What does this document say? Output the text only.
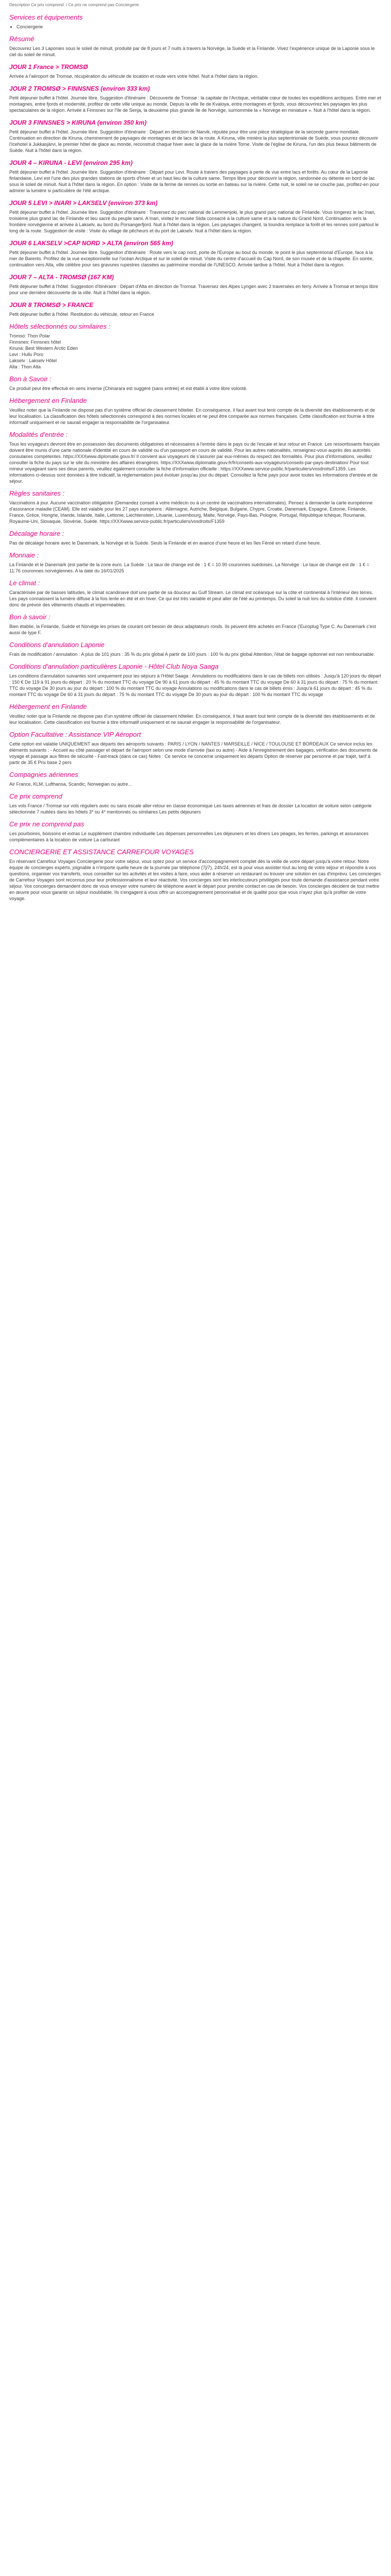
Description Ce prix comprend  / Ce prix ne comprend pas Conciergerie
Services et équipements
• Conciergerie
Résumé

Découvrez Les 3 Laponies sous le soleil de minuit, produité par de 8 jours et 7 nuits à travers la Norvège, la Suède et la Finlande. Vivez l'expérience unique de la Laponie sous le ciel du soleil de minuit.

JOUR 1 France > TROMSØ

Arrivée à l'aéroport de Tromsø, récupération du véhicule de location et route vers votre hôtel. Nuit à l'hôtel dans la région.

JOUR 2 TROMSØ > FINNSNES (environ 333 km)

Petit déjeuner buffet à l'hôtel. Journée libre. Suggestion d'itinéraire : Découverte de Tromsø : la capitale de l'Arctique, véritable cœur de toutes les expéditions arctiques. Entre mer et montagnes, entre fjords et modernité, profitez de cette ville unique au monde. Depuis la ville île de Kvaloya, entre montagnes et fjords, vous découvrirez les paysages les plus spectaculaires de la région. Arrivée à Finnsnes sur l'île de Senja, la deuxième plus grande île de Norvège, surnommée la « Norvège en miniature ». Nuit à l'hôtel dans la région.

JOUR 3 FINNSNES > KIRUNA (environ 350 km)

Petit déjeuner buffet à l'hôtel. Journée libre. Suggestion d'itinéraire : Départ en direction de Narvik, réputée pour être une pièce stratégique de la seconde guerre mondiale. Continuation en direction de Kiruna, cheminement de paysages de montagnes et de lacs de la route. A Kiruna, ville minière la plus septentrionale de Suède, vous pourrez découvrir l'Icehotel à Jukkasjärvi, le premier hôtel de glace au monde, reconstruit chaque hiver avec la glace de la rivière Torne. Visite de l'église de Kiruna, l'un des plus beaux bâtiments de Suède. Nuit à l'hôtel dans la région.

JOUR 4 – KIRUNA - LEVI (environ 295 km)

Petit déjeuner buffet à l'hôtel. Journée libre. Suggestion d'itinéraire : Départ pour Levi. Route à travers des paysages à perte de vue entre lacs et forêts. Au cœur de la Laponie finlandaise, Levi est l'une des plus grandes stations de sports d'hiver et un haut lieu de la culture same. Temps libre pour découvrir la région, randonnée ou détente en bord de lac sous le soleil de minuit. Nuit à l'hôtel dans la région. En option : Visite de la ferme de rennes ou sortie en bateau sur la rivière. Cette nuit, le soleil ne se couche pas, profitez-en pour admirer la lumière si particulière de l'été arctique.

JOUR 5 LEVI > INARI > LAKSELV (environ 373 km)

Petit déjeuner buffet à l'hôtel. Journée libre. Suggestion d'itinéraire : Traversez du parc national de Lemmenjoki, le plus grand parc national de Finlande. Vous longerez le lac Inari, troisième plus grand lac de Finlande et lieu sacré du peuple sami. A Inari, visitez le musée Siida consacré à la culture same et à la nature du Grand Nord. Continuation vers la frontière norvégienne et arrivée à Lakselv, au bord du Porsangerfjord. Nuit à l'hôtel dans la région. Les paysages changent, la toundra remplace la forêt et les rennes sont partout le long de la route. Suggestion de visite : Visite du village de pêcheurs et du port de Lakselv. Nuit à l'hôtel dans la région.

JOUR 6 LAKSELV >CAP NORD > ALTA (environ 565 km)

Petit déjeuner buffet à l'hôtel. Journée libre. Suggestion d'itinéraire : Route vers le cap nord, porte de l'Europe au bout du monde, le point le plus septentrional d'Europe, face à la mer de Barents. Profitez de la vue exceptionnelle sur l'océan Arctique et sur le soleil de minuit. Visite du centre d'accueil du Cap Nord, de son musée et de la chapelle. En soirée, continuation vers Alta, ville célèbre pour ses gravures rupestres classées au patrimoine mondial de l'UNESCO. Arrivée tardive à l'hôtel. Nuit à l'hôtel dans la région.

JOUR 7 – ALTA - TROMSØ (167 KM)

Petit déjeuner buffet à l'hôtel. Suggestion d'itinéraire : Départ d'Alta en direction de Tromsø. Traversez des Alpes Lyngen avec 2 traversées en ferry. Arrivée à Tromsø et temps libre pour une dernière découverte de la ville. Nuit à l'hôtel dans la région.

JOUR 8 TROMSØ > FRANCE

Petit déjeuner buffet à l'hôtel. Restitution du véhicule, retour en France

Hôtels sélectionnés ou similaires :
Tromso: Thon Polar
Finnsnes: Finnsnes hôtel
Kiruna: Best Western Arctic Eden
Levi : Hullu Poro
Lakselv : Lakselv Hôtel
Alta : Thon Alta
Bon à Savoir :

Ce produit peut être effectué en sens inverse (Chinarara est suggéré (sans entrée) et est établi à votre libre volonté.

Hébergement en Finlande

Veuillez noter que la Finlande ne dispose pas d'un système officiel de classement hôtelier. En conséquence, il faut avant tout tenir compte de la diversité des établissements et de leur localisation. La classification des hôtels sélectionnés correspond à des normes locales et ne peut être comparée aux normes françaises. Cette classification est fournie à titre informatif uniquement et ne saurait engager la responsabilité de l'organisateur.

Modalités d'entrée :

Tous les voyageurs devront être en possession des documents obligatoires et nécessaires à l'entrée dans le pays ou de l'escale et leur retour en France. Les ressortissants français doivent être munis d'une carte nationale d'identité en cours de validité ou d'un passeport en cours de validité. Pour les autres nationalités, renseignez-vous auprès des autorités consulaires compétentes. https://XXXwww.diplomatie.gouv.fr/ Il convient aux voyageurs de s'assurer par eux-mêmes du respect des formalités. Pour plus d'informations, veuillez consulter la fiche du pays sur le site du ministère des affaires étrangères. https://XXXwww.diplomatie.gouv.fr/fr/conseils-aux-voyageurs/conseils-par-pays-destination/ Pour tout mineur voyageant sans ses deux parents, veuillez également consulter la fiche d'information officielle : https://XXXwww.service-public.fr/particuliers/vosdroits/F1359. Les informations ci-dessus sont données à titre indicatif, la réglementation peut évoluer jusqu'au jour du départ. Consultez la fiche pays pour avoir toutes les informations d'entrée et de séjour.

Règles sanitaires :

Vaccinations à jour. Aucune vaccination obligatoire (Demandez conseil à votre médecin ou à un centre de vaccinations internationales). Pensez à demander la carte européenne d'assurance maladie (CEAM). Elle est valable pour les 27 pays européens : Allemagne, Autriche, Belgique, Bulgarie, Chypre, Croatie, Danemark, Espagne, Estonie, Finlande, France, Grèce, Hongrie, Irlande, Islande, Italie, Lettonie, Liechtenstein, Lituanie, Luxembourg, Malte, Norvège, Pays-Bas, Pologne, Portugal, République tchèque, Roumanie, Royaume-Uni, Slovaquie, Slovénie, Suède. https://XXXwww.service-public.fr/particuliers/vosdroits/F1359

Décalage horaire :

Pas de décalage horaire avec le Danemark, la Norvège et la Suède. Seuls la Finlande et en avance d'une heure et les îles Féroé en retard d'une heure.

Monnaie :

La Finlande et le Danemark (est partie de la zone euro. La Suède : Le taux de change est de : 1 € = 10.90 couronnes suédoises. La Norvège : Le taux de change est de : 1 € = 11.76 couronnes norvégiennes. A la date du 16/01/2025

Le climat :

Caractérisée par de basses latitudes, le climat scandinave doit une partie de sa douceur au Gulf Stream. Le climat est océanique sur la côte et continental à l'intérieur des terres. Les pays connaissent la lumière diffuse à la fois lente en été et en hiver. Ce qui est très variable et peut aller de l'été au printemps. Du soleil la nuit lors du solstice d'été. Il convient donc de prévoir des vêtements chauds et imperméables.

Bon à savoir :

Bien établie, la Finlande, Suède et Norvège les prises de courant ont besoin de deux adaptateurs ronds. Ils peuvent être achetés en France ('Europlug Type C. Au Danemark c'est aussi de type F.

Conditions d'annulation Laponie

Frais de modification / annulation : A plus de 101 jours : 35 % du prix global A partir de 100 jours : 100 % du prix global Attention, l'état de bagage optionnel est non remboursable.

Conditions d'annulation particulières Laponie - Hôtel Club Noya Saaga

Les conditions d'annulation suivantes sont uniquement pour les séjours à l'Hôtel Saaga : Annulations ou modifications dans le cas de billets non utilisés : Jusqu'à 120 jours du départ : 150 € De 119 à 91 jours du départ : 20 % du montant TTC du voyage De 90 à 61 jours du départ : 45 % du montant TTC du voyage De 60 à 31 jours du départ : 75 % du montant TTC du voyage De 30 jours au jour du départ : 100 % du montant TTC du voyage Annulations ou modifications dans le cas de billets émis : Jusqu'à 61 jours du départ : 45 % du montant TTC du voyage De 60 à 31 jours du départ : 75 % du montant TTC du voyage De 30 jours au jour du départ : 100 % du montant TTC du voyage

Hébergement en Finlande

Veuillez noter que la Finlande ne dispose pas d'un système officiel de classement hôtelier. En conséquence, il faut avant tout tenir compte de la diversité des établissements et de leur localisation. Cette classification est fournie à titre informatif uniquement et ne saurait engager la responsabilité de l'organisateur.

Option Facultative : Assistance VIP Aéroport

Cette option est valable UNIQUEMENT aux départs des aéroports suivants : PARIS / LYON / NANTES / MARSEILLE / NICE / TOULOUSE ET BORDEAUX Ce service inclus les éléments suivants : - Accueil au côté passager et départ de l'aéroport selon une mode d'arrivée (taxi ou autre) - Aide à l'enregistrement des bagages, vérification des documents de voyage et passage aux filtres de sécurité - Fast-track (dans ce cas) Notes : Ce service ne concerne uniquement les départs Option de réserver par personne et par trajet, tarif à partir de 35 € Prix base 2 pers

Compagnies aériennes

Air France, KLM, Lufthansa, Scandic, Norwegian ou autre...

Ce prix comprend

Les vols France / Tromsø sur vols réguliers avec ou sans escale aller-retour en classe économique Les taxes aériennes et frais de dossier La location de voiture selon catégorie sélectionnée 7 nuitées dans les hôtels 3* ou 4* mentionnés ou similaires Les petits déjeuners

Ce prix ne comprend pas

Les pourboires, boissons et extras Le supplément chambre individuelle Les dépenses personnelles Les déjeuners et les dîners Les péages, les ferries, parkings et assurances complémentaires à la location de voiture La carburant

CONCIERGERIE ET ASSISTANCE CARREFOUR VOYAGES

En réservant Carrefour Voyages Conciergerie pour votre séjour, vous optez pour un service d'accompagnement complet dès la veille de votre départ jusqu'à votre retour. Notre équipe de concierges expérts, joignable à n'importe quelle heure de la journée par téléphone (7j/7), 24h/24, est là pour vous assister tout au long de votre séjour et répondre à vos questions, organiser vos transferts, vous conseiller sur les activités et les visites à faire, vous aider à réserver un restaurant ou trouver une solution en cas d'imprévu. Les concierges de Carrefour Voyages sont reconnus pour leur professionnalisme et leur réactivité. Vos concierges sont les interlocuteurs privilégiés pour toute demande d'assistance pendant votre séjour. Vos concierges demandent donc de vous envoyer votre numéro de téléphone avant le départ pour prendre contact en cas de besoin. Vos concierges décident de tout mettre en œuvre pour vous garantir un séjour inoubliable. Ils s'engagent à vous offrir un accompagnement personnalisé et de qualité pour que vous n'ayez plus qu'à profiter de votre voyage.
